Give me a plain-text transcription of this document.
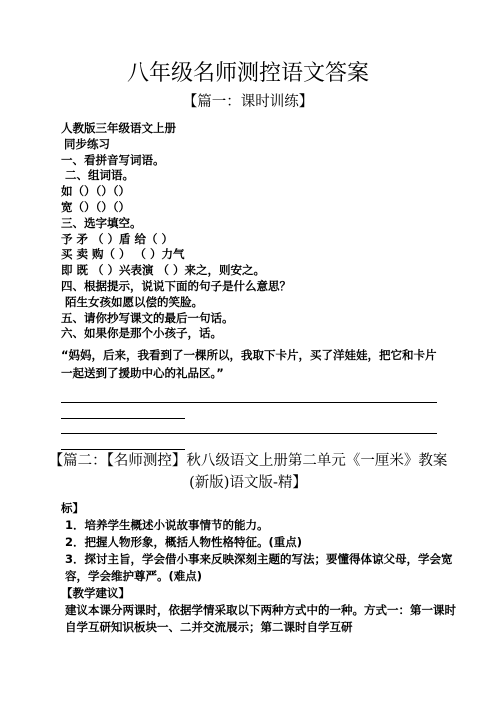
八年级名师测控语文答案
【篇一：课时训练】
人教版三年级语文上册
同步练习
一、看拼音写词语。
二、组词语。
如（）（）（）
宽（）（）（）
三、选字填空。
予 矛 （ ）盾 给（ ）
买 卖 购（ ） （ ）力气
即 既 （ ）兴表演 （ ）来之，则安之。
四、根据提示，说说下面的句子是什么意思？
陌生女孩如愿以偿的笑脸。
五、请你抄写课文的最后一句话。
六、如果你是那个小孩子，话。

“妈妈，后来，我看到了一棵所以，我取下卡片，买了洋娃娃，把它和卡片一起送到了援助中心的礼品区。”

【篇二：【名师测控】秋八级语文上册第二单元《一厘米》教案(新版)语文版-精】
标】
1．培养学生概述小说故事情节的能力。
2．把握人物形象，概括人物性格特征。(重点)
3．探讨主旨，学会借小事来反映深刻主题的写法；要懂得体谅父母，学会宽容，学会维护尊严。(难点)
【教学建议】
建议本课分两课时，依据学情采取以下两种方式中的一种。方式一：第一课时自学互研知识板块一、二并交流展示；第二课时自学互研
